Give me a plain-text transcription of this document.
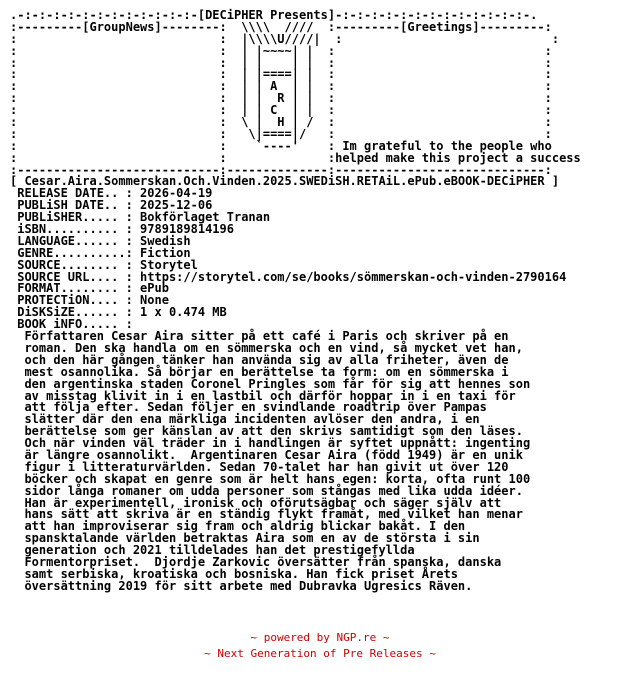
.-:-:-:-:-:-:-:-:-:-:-:-:-[DECiPHER Presents]-:-:-:-:-:-:-:-:-:-:-:-:-:-.
:---------[GroupNews]--------:  \\\\  ////  :---------[Greetings]---------:
:                            :  |\\\\U////|  :                             :
:                            :  | |~~~~| |  :                             :
:                            :  | |    | |  :                             :
:                            :  | |====| |  :                             :
:                            :  | | A  | |  :                             :
:                            :  | |  R | |  :                             :
:                            :  | | C  | |  :                             :
:                            :  \ |  H | /  :                             :
:                            :   \|====|/   :                             :
:                            :    `----'    : Im grateful to the people who
:                            :              :helped make this project a success
:----------------------------:--------------:-----------------------------:
[ Cesar.Aira.Sommerskan.Och.Vinden.2025.SWEDiSH.RETAiL.ePub.eBOOK-DECiPHER ]
RELEASE DATE.. : 2026-04-19
PUBLiSH DATE.. : 2025-12-06
PUBLiSHER..... : Bokförlaget Tranan
iSBN.......... : 9789189814196
LANGUAGE...... : Swedish
GENRE..........: Fiction
SOURCE........ : Storytel
SOURCE URL.... : https://storytel.com/se/books/sömmerskan-och-vinden-2790164
FORMAT........ : ePub
PROTECTiON.... : None
DiSKSiZE...... : 1 x 0.474 MB
BOOK iNFO..... :
Författaren Cesar Aira sitter på ett café i Paris och skriver på en
roman. Den ska handla om en sömmerska och en vind, så mycket vet han,
och den här gången tänker han använda sig av alla friheter, även de
mest osannolika. Så börjar en berättelse ta form: om en sömmerska i
den argentinska staden Coronel Pringles som får för sig att hennes son
av misstag klivit in i en lastbil och därför hoppar in i en taxi för
att följa efter. Sedan följer en svindlande roadtrip över Pampas
slätter där den ena märkliga incidenten avlöser den andra, i en
berättelse som ger känslan av att den skrivs samtidigt som den läses.
Och när vinden väl träder in i handlingen är syftet uppnått: ingenting
är längre osannolikt.  Argentinaren Cesar Aira (född 1949) är en unik
figur i litteraturvärlden. Sedan 70-talet har han givit ut över 120
böcker och skapat en genre som är helt hans egen: korta, ofta runt 100
sidor långa romaner om udda personer som stångas med lika udda idéer.
Han är experimentell, ironisk och oförutsägbar och säger själv att
hans sätt att skriva är en ständig flykt framåt, med vilket han menar
att han improviserar sig fram och aldrig blickar bakåt. I den
spansktalande världen betraktas Aira som en av de största i sin
generation och 2021 tilldelades han det prestigefyllda
Formentorpriset.  Djordje Zarkovic översätter från spanska, danska
samt serbiska, kroatiska och bosniska. Han fick priset Årets
översättning 2019 för sitt arbete med Dubravka Ugresics Räven.
~ powered by NGP.re ~
~ Next Generation of Pre Releases ~
